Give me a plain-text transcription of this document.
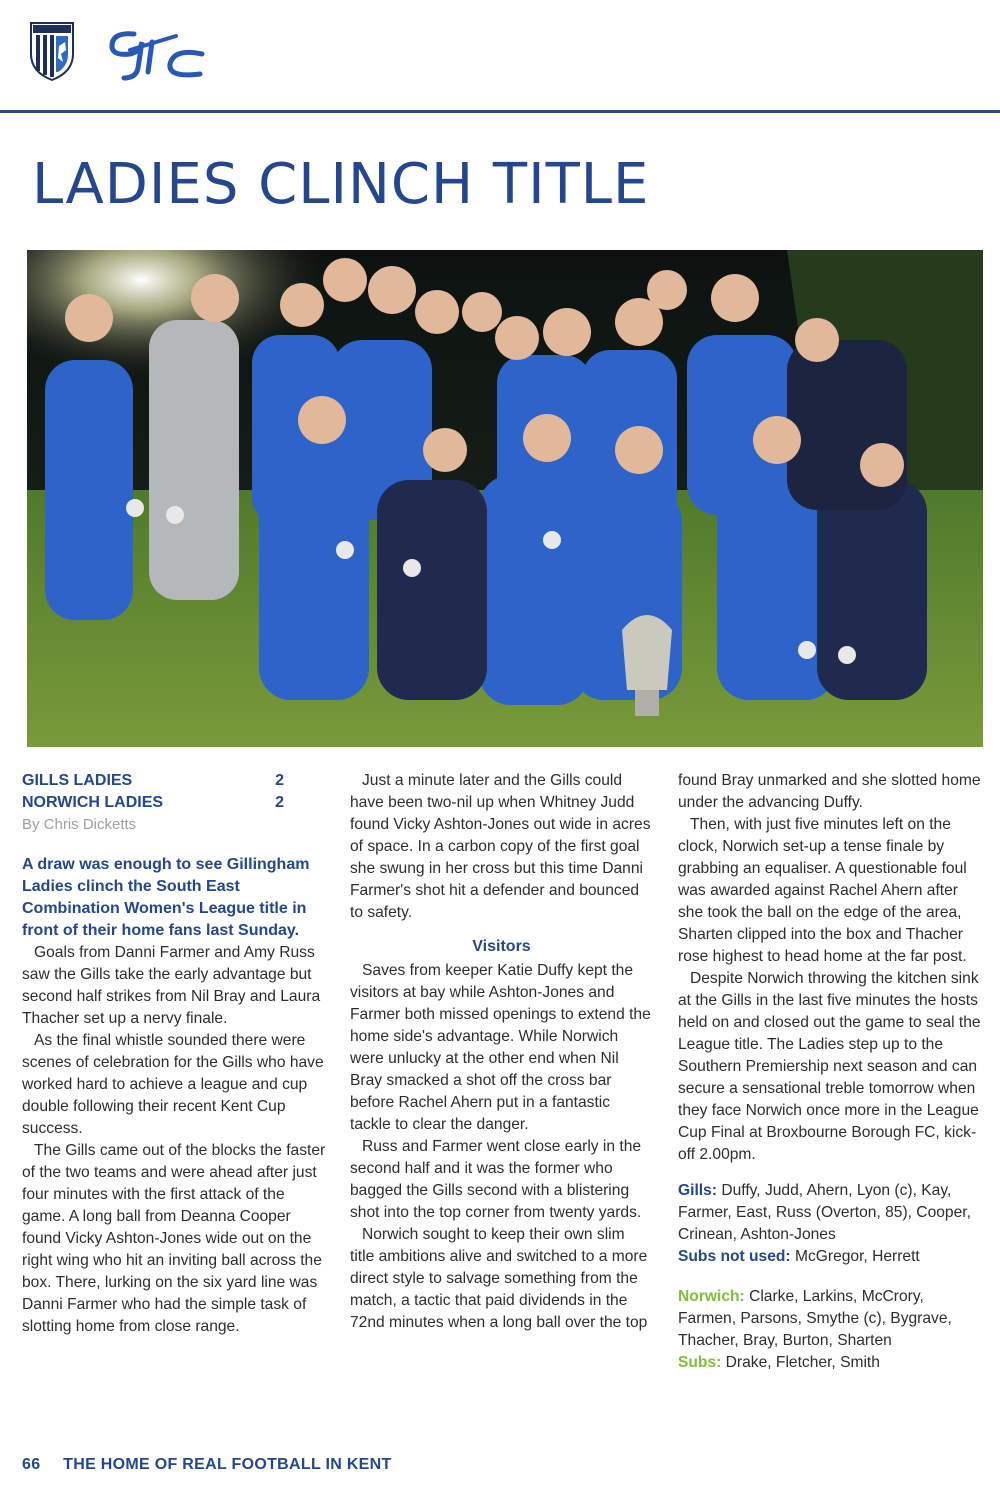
LADIES CLINCH TITLE
GILLS LADIES	2
NORWICH LADIES	2
By Chris Dicketts

A draw was enough to see Gillingham Ladies clinch the South East Combination Women's League title in front of their home fans last Sunday.

Goals from Danni Farmer and Amy Russ saw the Gills take the early advantage but second half strikes from Nil Bray and Laura Thacher set up a nervy finale.

As the final whistle sounded there were scenes of celebration for the Gills who have worked hard to achieve a league and cup double following their recent Kent Cup success.

The Gills came out of the blocks the faster of the two teams and were ahead after just four minutes with the first attack of the game. A long ball from Deanna Cooper found Vicky Ashton-Jones wide out on the right wing who hit an inviting ball across the box. There, lurking on the six yard line was Danni Farmer who had the simple task of slotting home from close range.

Just a minute later and the Gills could have been two-nil up when Whitney Judd found Vicky Ashton-Jones out wide in acres of space. In a carbon copy of the first goal she swung in her cross but this time Danni Farmer's shot hit a defender and bounced to safety.

Visitors

Saves from keeper Katie Duffy kept the visitors at bay while Ashton-Jones and Farmer both missed openings to extend the home side's advantage. While Norwich were unlucky at the other end when Nil Bray smacked a shot off the cross bar before Rachel Ahern put in a fantastic tackle to clear the danger.

Russ and Farmer went close early in the second half and it was the former who bagged the Gills second with a blistering shot into the top corner from twenty yards.

Norwich sought to keep their own slim title ambitions alive and switched to a more direct style to salvage something from the match, a tactic that paid dividends in the 72nd minutes when a long ball over the top

found Bray unmarked and she slotted home under the advancing Duffy.

Then, with just five minutes left on the clock, Norwich set-up a tense finale by grabbing an equaliser. A questionable foul was awarded against Rachel Ahern after she took the ball on the edge of the area, Sharten clipped into the box and Thacher rose highest to head home at the far post.

Despite Norwich throwing the kitchen sink at the Gills in the last five minutes the hosts held on and closed out the game to seal the League title. The Ladies step up to the Southern Premiership next season and can secure a sensational treble tomorrow when they face Norwich once more in the League Cup Final at Broxbourne Borough FC, kick-off 2.00pm.

Gills: Duffy, Judd, Ahern, Lyon (c), Kay, Farmer, East, Russ (Overton, 85), Cooper, Crinean, Ashton-Jones
Subs not used: McGregor, Herrett
Norwich: Clarke, Larkins, McCrory, Farmen, Parsons, Smythe (c), Bygrave, Thacher, Bray, Burton, Sharten
Subs: Drake, Fletcher, Smith
66 THE HOME OF REAL FOOTBALL IN KENT
